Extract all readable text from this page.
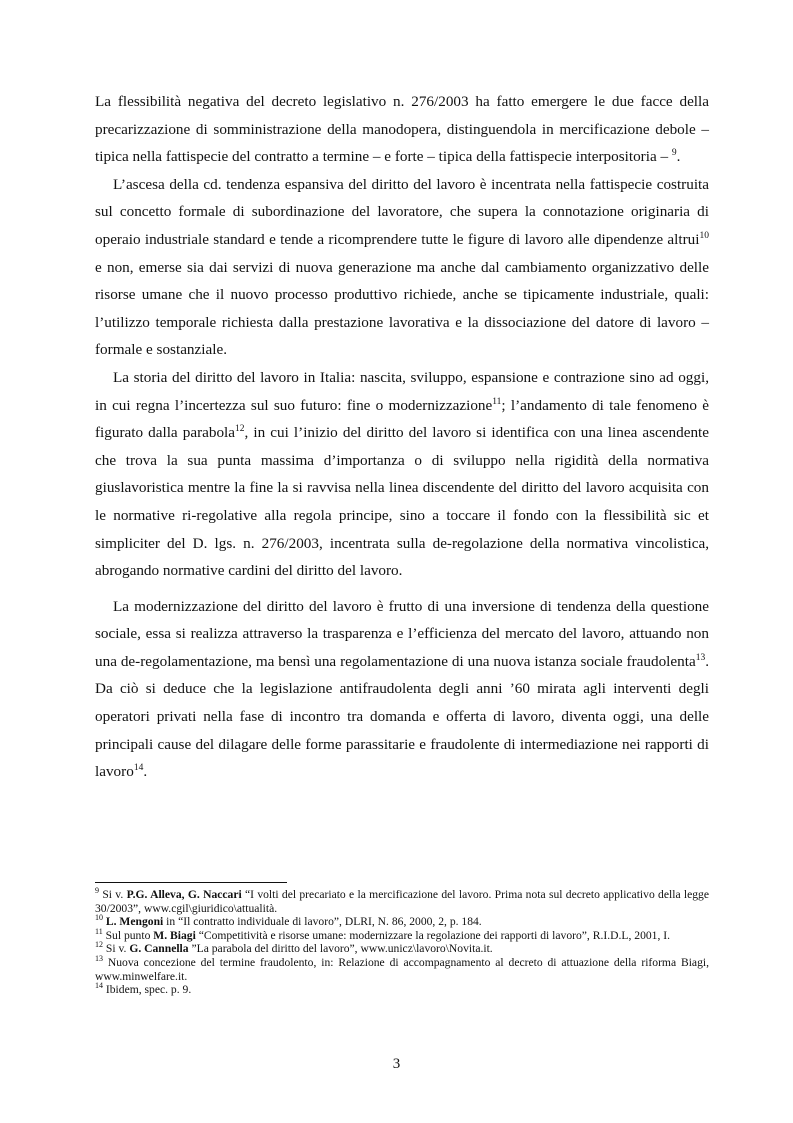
La flessibilità negativa del decreto legislativo n. 276/2003 ha fatto emergere le due facce della precarizzazione di somministrazione della manodopera, distinguendola in mercificazione debole – tipica nella fattispecie del contratto a termine – e forte – tipica della fattispecie interpositoria – $^9$.

L’ascesa della cd. tendenza espansiva del diritto del lavoro è incentrata nella fattispecie costruita sul concetto formale di subordinazione del lavoratore, che supera la connotazione originaria di operaio industriale standard e tende a ricomprendere tutte le figure di lavoro alle dipendenze altrui$^{10}$ e non, emerse sia dai servizi di nuova generazione ma anche dal cambiamento organizzativo delle risorse umane che il nuovo processo produttivo richiede, anche se tipicamente industriale, quali: l’utilizzo temporale richiesta dalla prestazione lavorativa e la dissociazione del datore di lavoro – formale e sostanziale.

La storia del diritto del lavoro in Italia: nascita, sviluppo, espansione e contrazione sino ad oggi, in cui regna l’incertezza sul suo futuro: fine o modernizzazione$^{11}$; l’andamento di tale fenomeno è figurato dalla parabola$^{12}$, in cui l’inizio del diritto del lavoro si identifica con una linea ascendente che trova la sua punta massima d’importanza o di sviluppo nella rigidità della normativa giuslavoristica mentre la fine la si ravvisa nella linea discendente del diritto del lavoro acquisita con le normative ri-regolative alla regola principe, sino a toccare il fondo con la flessibilità sic et simpliciter del D. lgs. n. 276/2003, incentrata sulla de-regolazione della normativa vincolistica, abrogando normative cardini del diritto del lavoro.

La modernizzazione del diritto del lavoro è frutto di una inversione di tendenza della questione sociale, essa si realizza attraverso la trasparenza e l’efficienza del mercato del lavoro, attuando non una de-regolamentazione, ma bensì una regolamentazione di una nuova istanza sociale fraudolenta$^{13}$. Da ciò si deduce che la legislazione antifraudolenta degli anni ’60 mirata agli interventi degli operatori privati nella fase di incontro tra domanda e offerta di lavoro, diventa oggi, una delle principali cause del dilagare delle forme parassitarie e fraudolente di intermediazione nei rapporti di lavoro$^{14}$.

$^9$ Si v. P.G. Alleva, G. Naccari “I volti del precariato e la mercificazione del lavoro. Prima nota sul decreto applicativo della legge 30/2003”, www.cgil\giuridico\attualità.

$^{10}$ L. Mengoni in “Il contratto individuale di lavoro”, DLRI, N. 86, 2000, 2, p. 184.

$^{11}$ Sul punto M. Biagi “Competitività e risorse umane: modernizzare la regolazione dei rapporti di lavoro”, R.I.D.L, 2001, I.

$^{12}$ Si v. G. Cannella ”La parabola del diritto del lavoro”, www.unicz\lavoro\Novita.it.

$^{13}$ Nuova concezione del termine fraudolento, in: Relazione di accompagnamento al decreto di attuazione della riforma Biagi, www.minwelfare.it.

$^{14}$ Ibidem, spec. p. 9.

3
